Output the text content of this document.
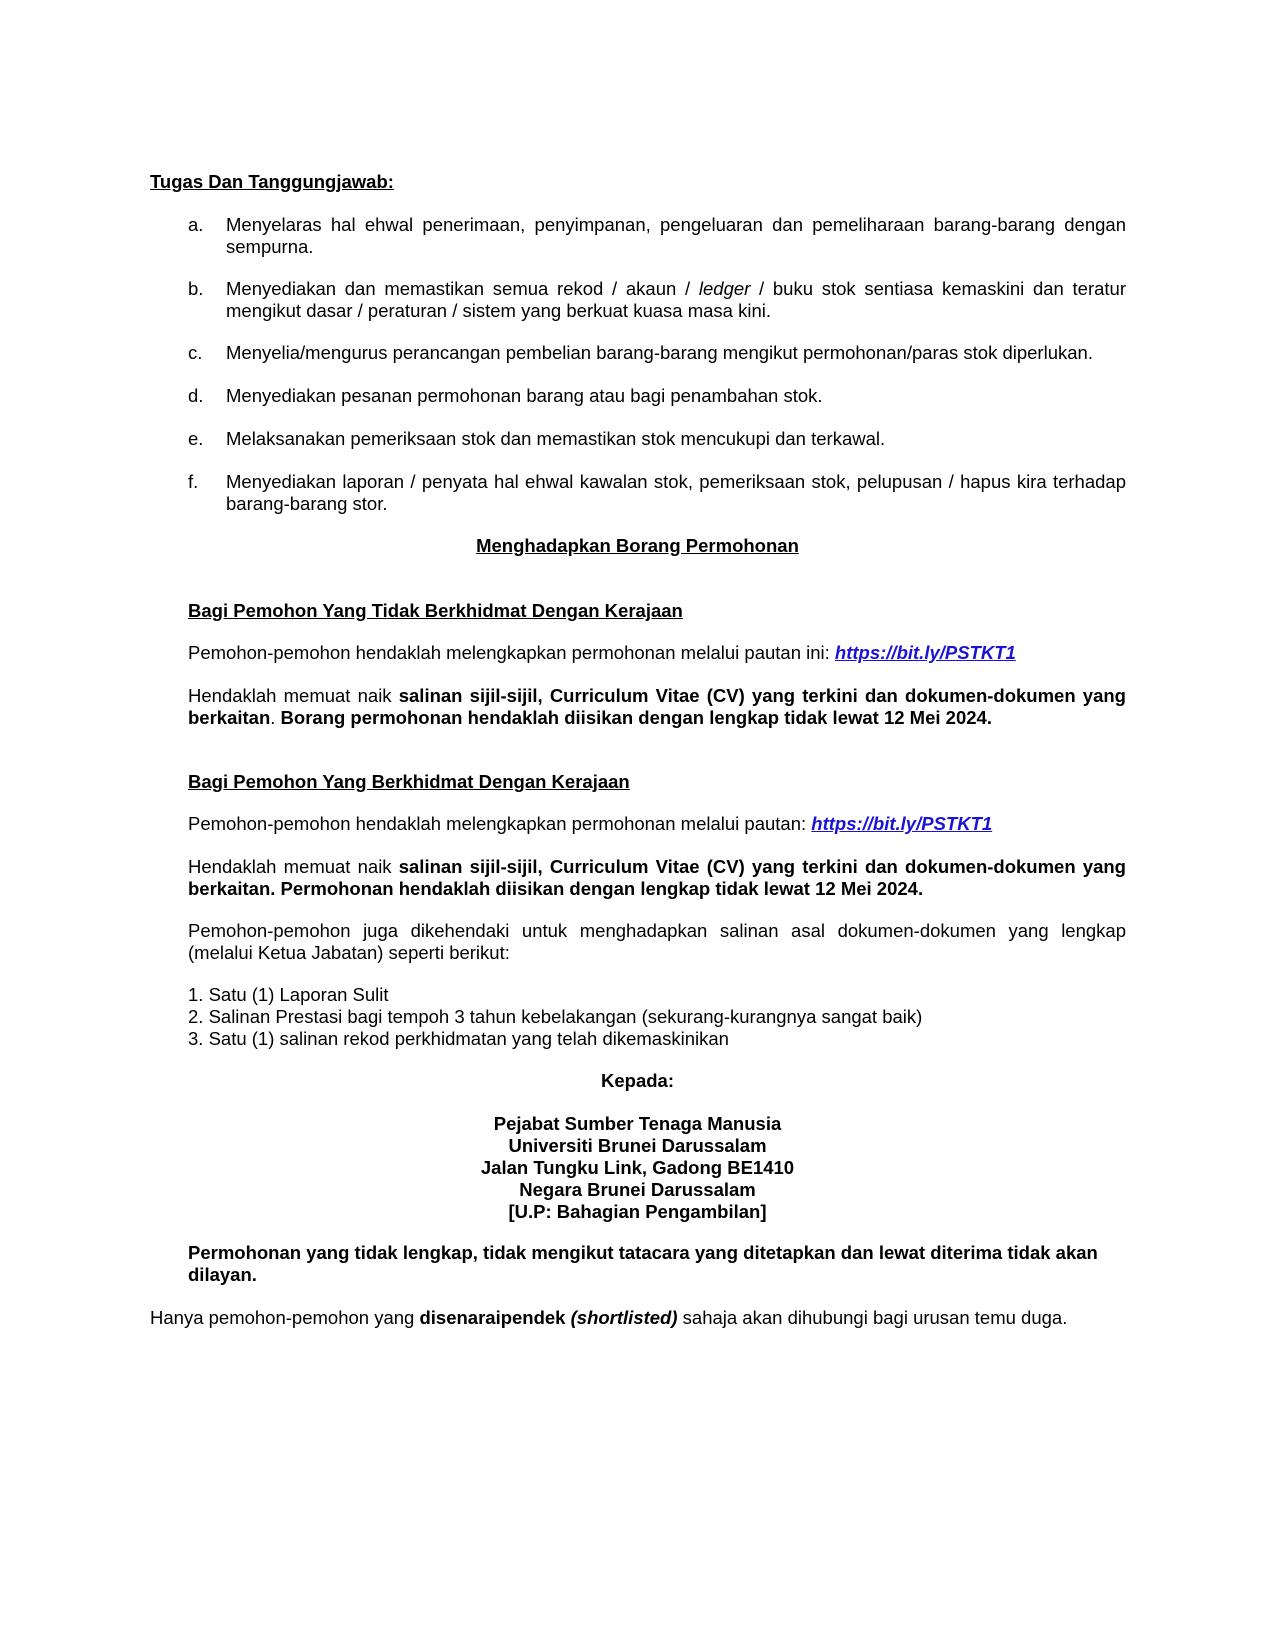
Tugas Dan Tanggungjawab:
a.	Menyelaras hal ehwal penerimaan, penyimpanan, pengeluaran dan pemeliharaan barang-barang dengan
sempurna.
b.	Menyediakan dan memastikan semua rekod / akaun / ledger / buku stok sentiasa kemaskini dan teratur
mengikut dasar / peraturan / sistem yang berkuat kuasa masa kini.
c.	Menyelia/mengurus perancangan pembelian barang-barang mengikut permohonan/paras stok diperlukan.
d.	Menyediakan pesanan permohonan barang atau bagi penambahan stok.
e.	Melaksanakan pemeriksaan stok dan memastikan stok mencukupi dan terkawal.
f.	Menyediakan laporan / penyata hal ehwal kawalan stok, pemeriksaan stok, pelupusan / hapus kira terhadap
barang-barang stor.
Menghadapkan Borang Permohonan
Bagi Pemohon Yang Tidak Berkhidmat Dengan Kerajaan
Pemohon-pemohon hendaklah melengkapkan permohonan melalui pautan ini: https://bit.ly/PSTKT1
Hendaklah memuat naik salinan sijil-sijil, Curriculum Vitae (CV) yang terkini dan dokumen-dokumen yang
berkaitan. Borang permohonan hendaklah diisikan dengan lengkap tidak lewat 12 Mei 2024.
Bagi Pemohon Yang Berkhidmat Dengan Kerajaan
Pemohon-pemohon hendaklah melengkapkan permohonan melalui pautan: https://bit.ly/PSTKT1
Hendaklah memuat naik salinan sijil-sijil, Curriculum Vitae (CV) yang terkini dan dokumen-dokumen yang
berkaitan. Permohonan hendaklah diisikan dengan lengkap tidak lewat 12 Mei 2024.
Pemohon-pemohon juga dikehendaki untuk menghadapkan salinan asal dokumen-dokumen yang lengkap
(melalui Ketua Jabatan) seperti berikut:
1. Satu (1) Laporan Sulit
2. Salinan Prestasi bagi tempoh 3 tahun kebelakangan (sekurang-kurangnya sangat baik)
3. Satu (1) salinan rekod perkhidmatan yang telah dikemaskinikan
Kepada:
Pejabat Sumber Tenaga Manusia
Universiti Brunei Darussalam
Jalan Tungku Link, Gadong BE1410
Negara Brunei Darussalam
[U.P: Bahagian Pengambilan]
Permohonan yang tidak lengkap, tidak mengikut tatacara yang ditetapkan dan lewat diterima tidak akan
dilayan.
Hanya pemohon-pemohon yang disenaraipendek (shortlisted) sahaja akan dihubungi bagi urusan temu duga.
